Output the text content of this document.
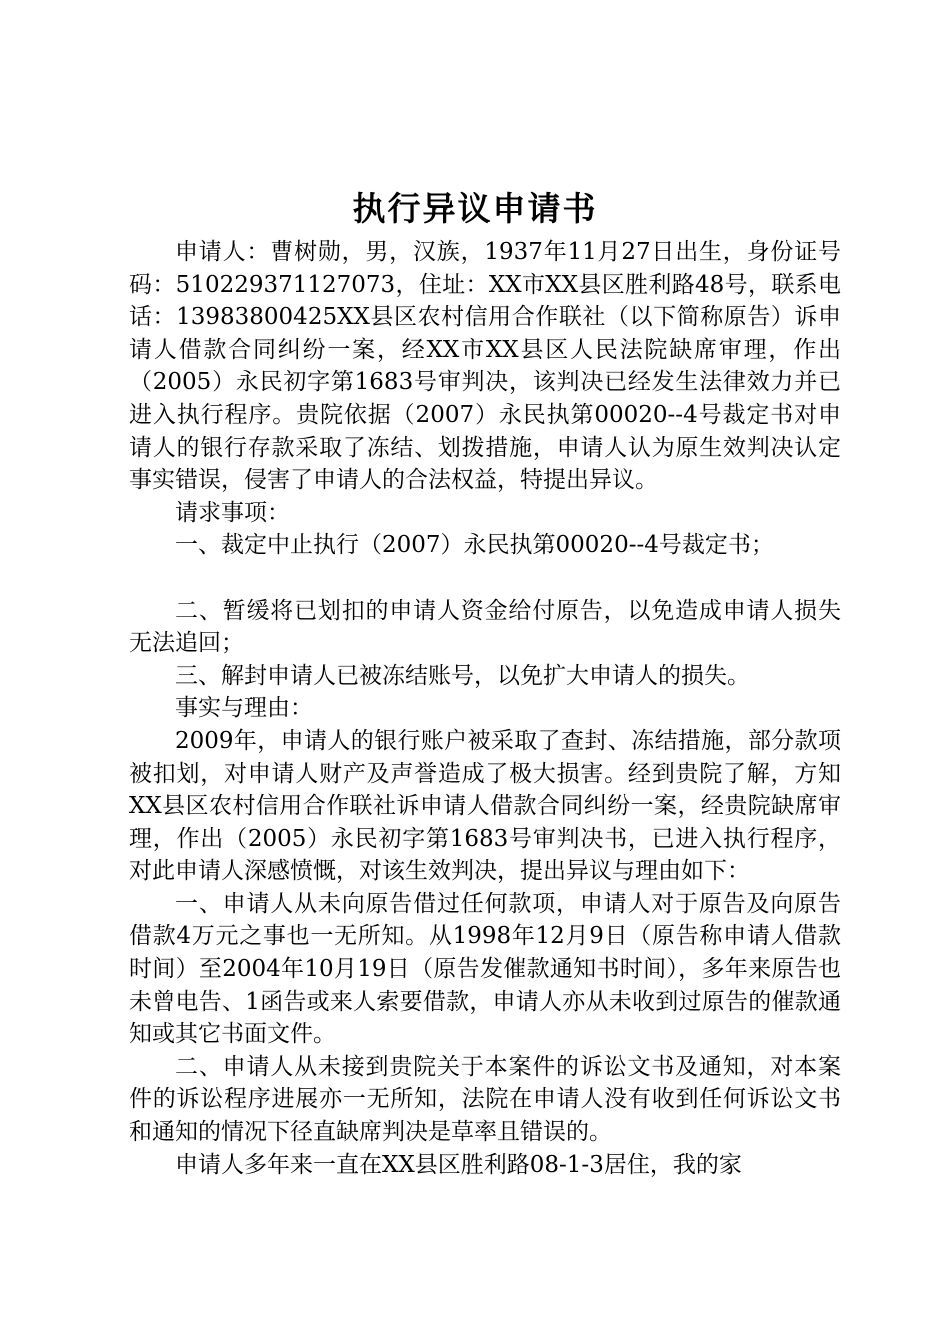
执行异议申请书

申请人：曹树勋，男，汉族，1937年11月27日出生，身份证号码：510229371127073，住址：XX市XX县区胜利路48号，联系电话：13983800425XX县区农村信用合作联社（以下简称原告）诉申请人借款合同纠纷一案，经XX市XX县区人民法院缺席审理，作出（2005）永民初字第1683号审判决，该判决已经发生法律效力并已进入执行程序。贵院依据（2007）永民执第00020--4号裁定书对申请人的银行存款采取了冻结、划拨措施，申请人认为原生效判决认定事实错误，侵害了申请人的合法权益，特提出异议。

请求事项：

一、裁定中止执行（2007）永民执第00020--4号裁定书；

二、暂缓将已划扣的申请人资金给付原告，以免造成申请人损失无法追回；

三、解封申请人已被冻结账号，以免扩大申请人的损失。

事实与理由：

2009年，申请人的银行账户被采取了查封、冻结措施，部分款项被扣划，对申请人财产及声誉造成了极大损害。经到贵院了解，方知XX县区农村信用合作联社诉申请人借款合同纠纷一案，经贵院缺席审理，作出（2005）永民初字第1683号审判决书，已进入执行程序，对此申请人深感愤慨，对该生效判决，提出异议与理由如下：

一、申请人从未向原告借过任何款项，申请人对于原告及向原告借款4万元之事也一无所知。从1998年12月9日（原告称申请人借款时间）至2004年10月19日（原告发催款通知书时间），多年来原告也未曾电告、1函告或来人索要借款，申请人亦从未收到过原告的催款通知或其它书面文件。

二、申请人从未接到贵院关于本案件的诉讼文书及通知，对本案件的诉讼程序进展亦一无所知，法院在申请人没有收到任何诉讼文书和通知的情况下径直缺席判决是草率且错误的。

申请人多年来一直在XX县区胜利路08-1-3居住，我的家
